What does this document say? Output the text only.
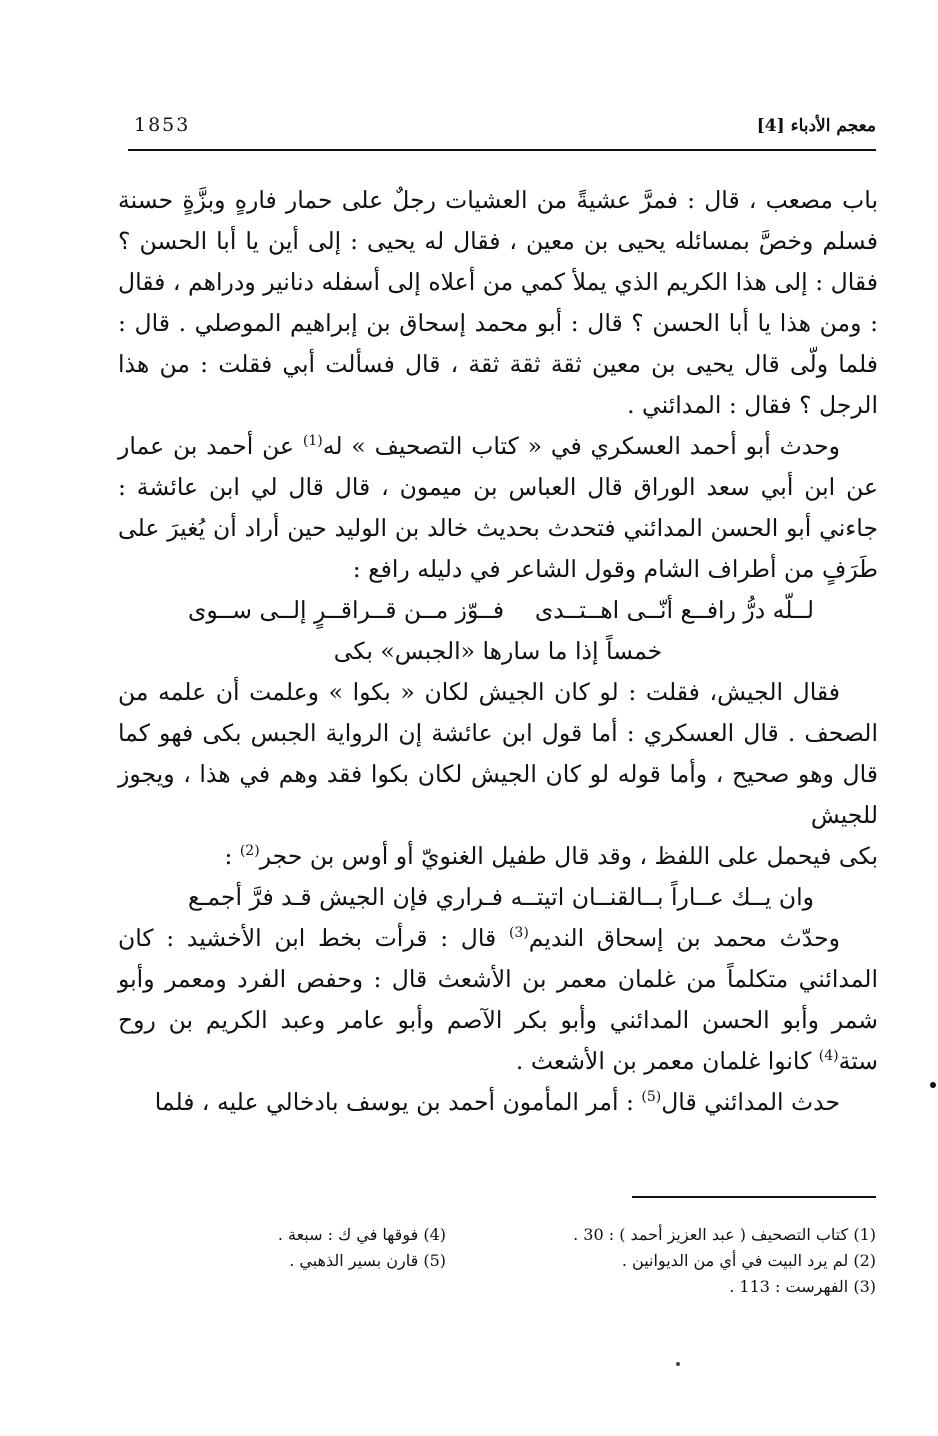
معجم الأدباء [4]
1853

باب مصعب ، قال : فمرَّ عشيةً من العشيات رجلٌ على حمار فارهٍ وبزَّةٍ حسنة فسلم وخصَّ بمسائله يحيى بن معين ، فقال له يحيى : إلى أين يا أبا الحسن ؟ فقال : إلى هذا الكريم الذي يملأ كمي من أعلاه إلى أسفله دنانير ودراهم ، فقال : ومن هذا يا أبا الحسن ؟ قال : أبو محمد إسحاق بن إبراهيم الموصلي . قال : فلما ولّى قال يحيى بن معين ثقة ثقة ثقة ، قال فسألت أبي فقلت : من هذا الرجل ؟ فقال : المدائني .

وحدث أبو أحمد العسكري في « كتاب التصحيف » له$^{(1)}$ عن أحمد بن عمار عن ابن أبي سعد الوراق قال العباس بن ميمون ، قال قال لي ابن عائشة : جاءني أبو الحسن المدائني فتحدث بحديث خالد بن الوليد حين أراد أن يُغيرَ على طَرَفٍ من أطراف الشام وقول الشاعر في دليله رافع :

لــلّه درُّ رافــع أنّــى اهــتــدى
فــوّز مــن قــراقــرٍ إلــى ســوى
خمساً إذا ما سارها «الجبس» بكى

فقال الجيش، فقلت : لو كان الجيش لكان « بكوا » وعلمت أن علمه من الصحف . قال العسكري : أما قول ابن عائشة إن الرواية الجبس بكى فهو كما قال وهو صحيح ، وأما قوله لو كان الجيش لكان بكوا فقد وهم في هذا ، ويجوز للجيش

بكى فيحمل على اللفظ ، وقد قال طفيل الغنويّ أو أوس بن حجر$^{(2)}$ :

وان يــك عــاراً بــالقنــان اتيتــه
فـراري فإن الجيش قـد فرَّ أجمـع

وحدّث محمد بن إسحاق النديم$^{(3)}$ قال : قرأت بخط ابن الأخشيد : كان المدائني متكلماً من غلمان معمر بن الأشعث قال : وحفص الفرد ومعمر وأبو شمر وأبو الحسن المدائني وأبو بكر الآصم وأبو عامر وعبد الكريم بن روح ستة$^{(4)}$ كانوا غلمان معمر بن الأشعث .

حدث المدائني قال$^{(5)}$ : أمر المأمون أحمد بن يوسف بادخالي عليه ، فلما

(1) كتاب التصحيف ( عبد العزيز أحمد ) : 30 .
(2) لم يرد البيت في أي من الديوانين .
(3) الفهرست : 113 .
(4) فوقها في ك : سبعة .
(5) قارن بسير الذهبي .
